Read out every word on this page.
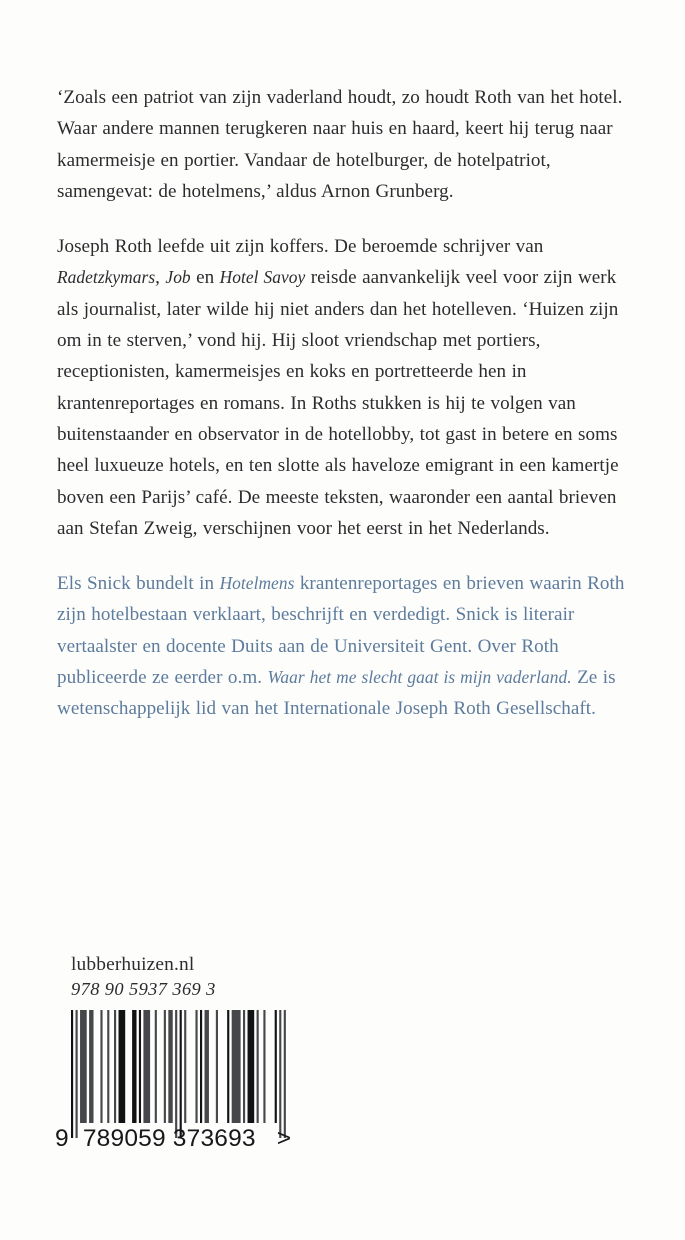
‘Zoals een patriot van zijn vaderland houdt, zo houdt Roth van het hotel. Waar andere mannen terugkeren naar huis en haard, keert hij terug naar kamermeisje en portier. Vandaar de hotelburger, de hotelpatriot, samengevat: de hotelmens,’ aldus Arnon Grunberg.

Joseph Roth leefde uit zijn koffers. De beroemde schrijver van Radetzkymars, Job en Hotel Savoy reisde aanvankelijk veel voor zijn werk als journalist, later wilde hij niet anders dan het hotelleven. ‘Huizen zijn om in te sterven,’ vond hij. Hij sloot vriendschap met portiers, receptionisten, kamermeisjes en koks en portretteerde hen in krantenreportages en romans. In Roths stukken is hij te volgen van buitenstaander en observator in de hotellobby, tot gast in betere en soms heel luxueuze hotels, en ten slotte als haveloze emigrant in een kamertje boven een Parijs’ café. De meeste teksten, waaronder een aantal brieven aan Stefan Zweig, verschijnen voor het eerst in het Nederlands.

Els Snick bundelt in Hotelmens krantenreportages en brieven waarin Roth zijn hotelbestaan verklaart, beschrijft en verdedigt. Snick is literair vertaalster en docente Duits aan de Universiteit Gent. Over Roth publiceerde ze eerder o.m. Waar het me slecht gaat is mijn vaderland. Ze is wetenschappelijk lid van het Internationale Joseph Roth Gesellschaft.

lubberhuizen.nl
978 90 5937 369 3
9  789059 373693   >
